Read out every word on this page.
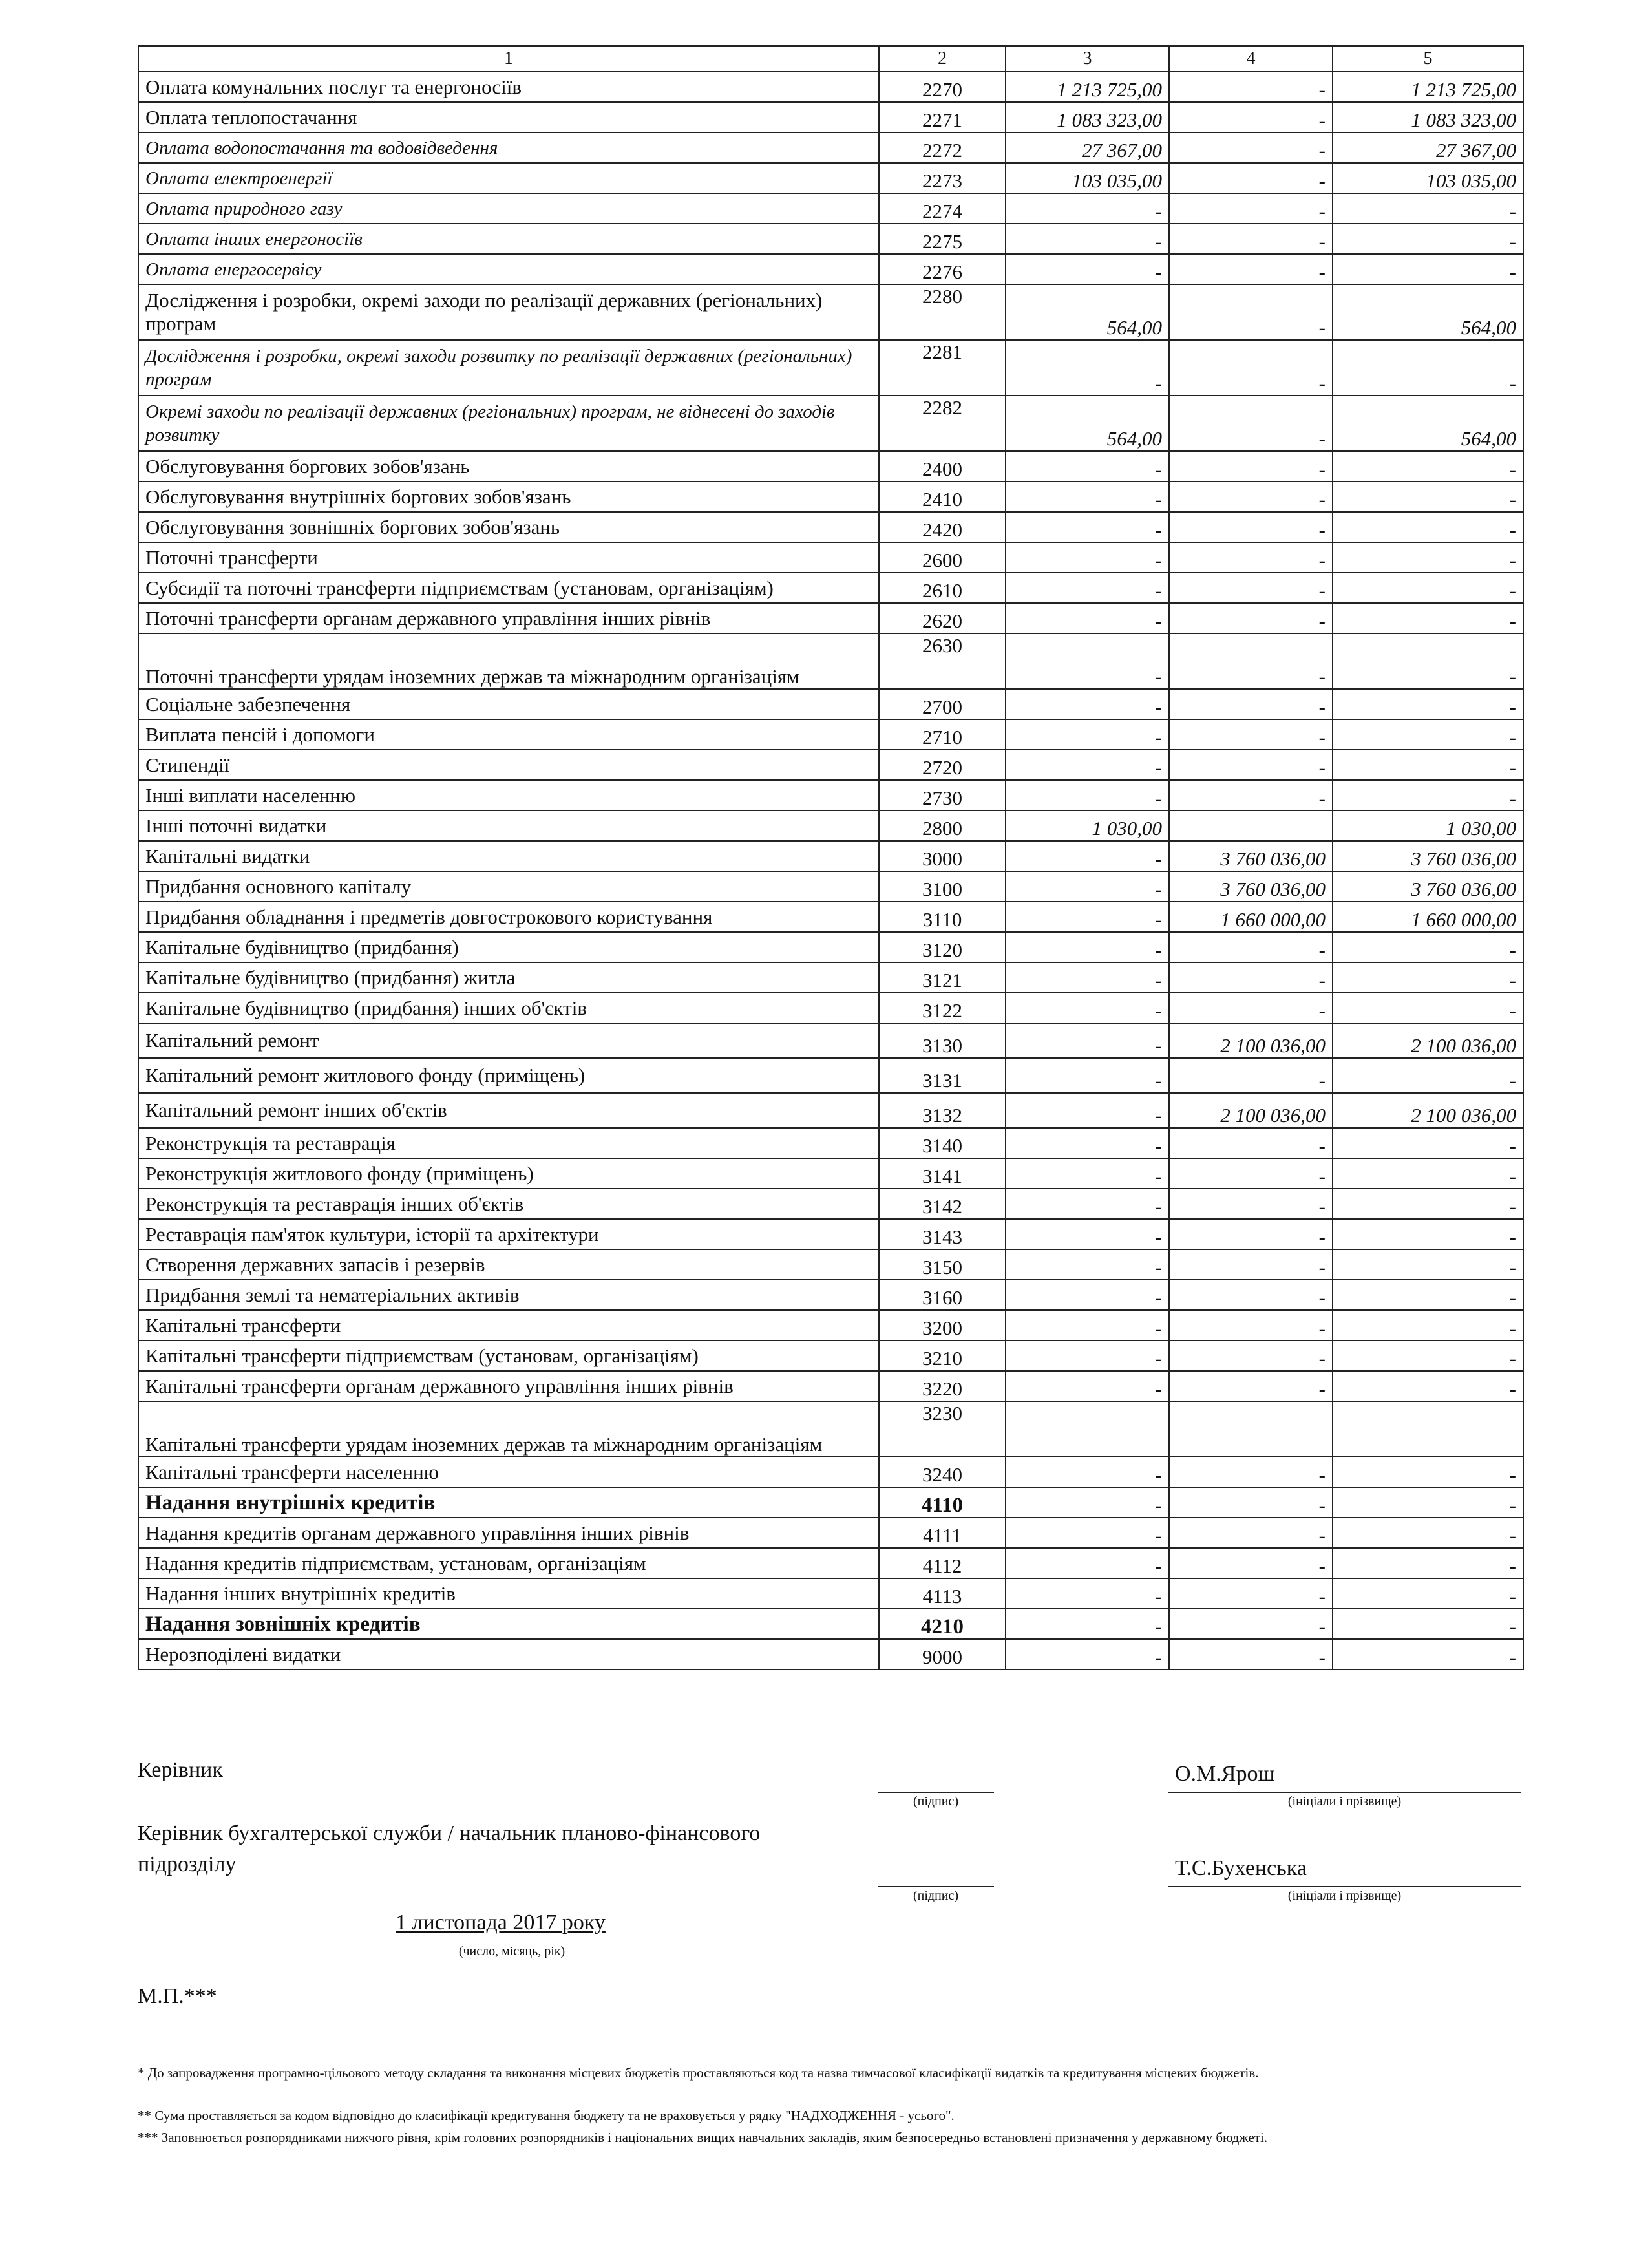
1	2	3	4	5
Оплата комунальних послуг та енергоносіїв	2270	1 213 725,00	-	1 213 725,00
Оплата теплопостачання	2271	1 083 323,00	-	1 083 323,00
Оплата водопостачання та водовідведення	2272	27 367,00	-	27 367,00
Оплата електроенергії	2273	103 035,00	-	103 035,00
Оплата природного газу	2274	-	-	-
Оплата інших енергоносіїв	2275	-	-	-
Оплата енергосервісу	2276	-	-	-
Дослідження і розробки, окремі заходи по реалізації державних (регіональних) програм	2280	564,00	-	564,00
Дослідження і розробки, окремі заходи розвитку по реалізації державних (регіональних) програм	2281	-	-	-
Окремі заходи по реалізації державних (регіональних) програм, не віднесені до заходів розвитку	2282	564,00	-	564,00
Обслуговування боргових зобов'язань	2400	-	-	-
Обслуговування внутрішніх боргових зобов'язань	2410	-	-	-
Обслуговування зовнішніх боргових зобов'язань	2420	-	-	-
Поточні трансферти	2600	-	-	-
Субсидії та поточні трансферти підприємствам (установам, організаціям)	2610	-	-	-
Поточні трансферти органам державного управління інших рівнів	2620	-	-	-
Поточні трансферти урядам іноземних держав та міжнародним організаціям	2630	-	-	-
Соціальне забезпечення	2700	-	-	-
Виплата пенсій і допомоги	2710	-	-	-
Стипендії	2720	-	-	-
Інші виплати населенню	2730	-	-	-
Інші поточні видатки	2800	1 030,00		1 030,00
Капітальні видатки	3000	-	3 760 036,00	3 760 036,00
Придбання основного капіталу	3100	-	3 760 036,00	3 760 036,00
Придбання обладнання і предметів довгострокового користування	3110	-	1 660 000,00	1 660 000,00
Капітальне будівництво (придбання)	3120	-	-	-
Капітальне будівництво (придбання) житла	3121	-	-	-
Капітальне будівництво (придбання) інших об'єктів	3122	-	-	-
Капітальний ремонт	3130	-	2 100 036,00	2 100 036,00
Капітальний ремонт житлового фонду (приміщень)	3131	-	-	-
Капітальний ремонт інших об'єктів	3132	-	2 100 036,00	2 100 036,00
Реконструкція та реставрація	3140	-	-	-
Реконструкція житлового фонду (приміщень)	3141	-	-	-
Реконструкція та реставрація інших об'єктів	3142	-	-	-
Реставрація пам'яток культури, історії та архітектури	3143	-	-	-
Створення державних запасів і резервів	3150	-	-	-
Придбання землі та нематеріальних активів	3160	-	-	-
Капітальні трансферти	3200	-	-	-
Капітальні трансферти підприємствам (установам, організаціям)	3210	-	-	-
Капітальні трансферти органам державного управління інших рівнів	3220	-	-	-
Капітальні трансферти урядам іноземних держав та міжнародним організаціям	3230			
Капітальні трансферти населенню	3240	-	-	-
Надання внутрішніх кредитів	4110	-	-	-
Надання кредитів органам державного управління інших рівнів	4111	-	-	-
Надання кредитів підприємствам, установам, організаціям	4112	-	-	-
Надання інших внутрішніх кредитів	4113	-	-	-
Надання зовнішніх кредитів	4210	-	-	-
Нерозподілені видатки	9000	-	-	-
Керівник
(підпис)
О.М.Ярош
(ініціали і прізвище)
Керівник бухгалтерської служби / начальник планово-фінансового
підрозділу
(підпис)
Т.С.Бухенська
(ініціали і прізвище)
1 листопада 2017 року
(число, місяць, рік)
М.П.***
* До запровадження програмно-цільового методу складання та виконання місцевих бюджетів проставляються код та назва тимчасової класифікації видатків та кредитування місцевих бюджетів.
** Сума проставляється за кодом відповідно до класифікації кредитування бюджету та не враховується у рядку "НАДХОДЖЕННЯ - усього".
*** Заповнюється розпорядниками нижчого рівня, крім головних розпорядників і національних вищих навчальних закладів, яким безпосередньо встановлені призначення у державному бюджеті.
